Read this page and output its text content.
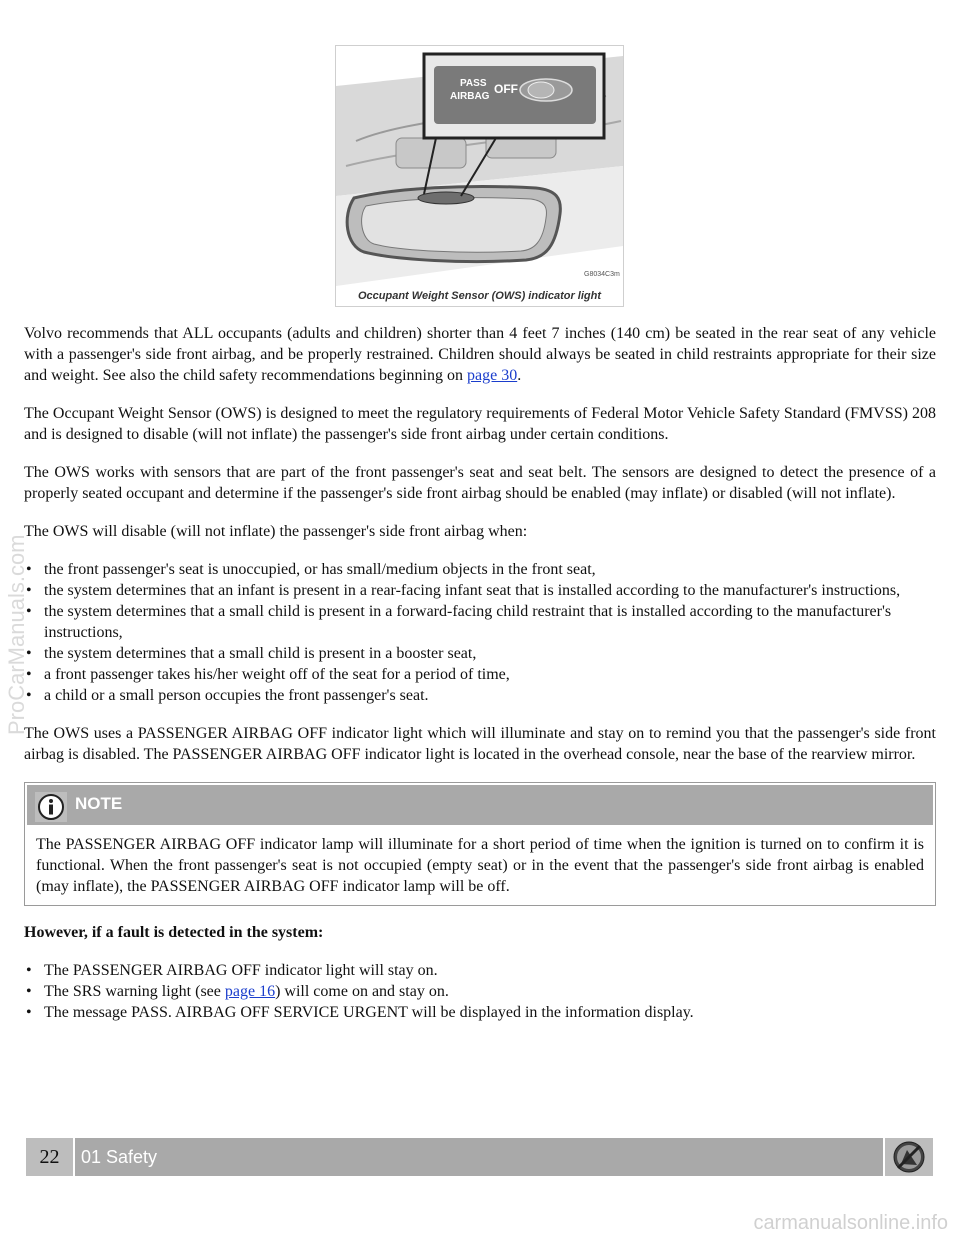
PASS
AIRBAG
OFF
G8034C3m
Occupant Weight Sensor (OWS) indicator light

Volvo recommends that ALL occupants (adults and children) shorter than 4 feet 7 inches (140 cm) be seated in the rear seat of any vehicle with a passenger's side front airbag, and be properly restrained. Children should always be seated in child restraints appropriate for their size and weight. See also the child safety recommendations beginning on page 30.

The Occupant Weight Sensor (OWS) is designed to meet the regulatory requirements of Federal Motor Vehicle Safety Standard (FMVSS) 208 and is designed to disable (will not inflate) the passenger's side front airbag under certain conditions.

The OWS works with sensors that are part of the front passenger's seat and seat belt. The sensors are designed to detect the presence of a properly seated occupant and determine if the passenger's side front airbag should be enabled (may inflate) or disabled (will not inflate).

The OWS will disable (will not inflate) the passenger's side front airbag when:

• the front passenger's seat is unoccupied, or has small/medium objects in the front seat,
• the system determines that an infant is present in a rear-facing infant seat that is installed according to the manufacturer's instructions,
• the system determines that a small child is present in a forward-facing child restraint that is installed according to the manufacturer's instructions,
• the system determines that a small child is present in a booster seat,
• a front passenger takes his/her weight off of the seat for a period of time,
• a child or a small person occupies the front passenger's seat.

The OWS uses a PASSENGER AIRBAG OFF indicator light which will illuminate and stay on to remind you that the passenger's side front airbag is disabled. The PASSENGER AIRBAG OFF indicator light is located in the overhead console, near the base of the rearview mirror.

NOTE
The PASSENGER AIRBAG OFF indicator lamp will illuminate for a short period of time when the ignition is turned on to confirm it is functional. When the front passenger's seat is not occupied (empty seat) or in the event that the passenger's side front airbag is enabled (may inflate), the PASSENGER AIRBAG OFF indicator lamp will be off.

However, if a fault is detected in the system:

• The PASSENGER AIRBAG OFF indicator light will stay on.
• The SRS warning light (see page 16) will come on and stay on.
• The message PASS. AIRBAG OFF SERVICE URGENT will be displayed in the information display.
22	01 Safety
ProCarManuals.com
carmanualsonline.info
